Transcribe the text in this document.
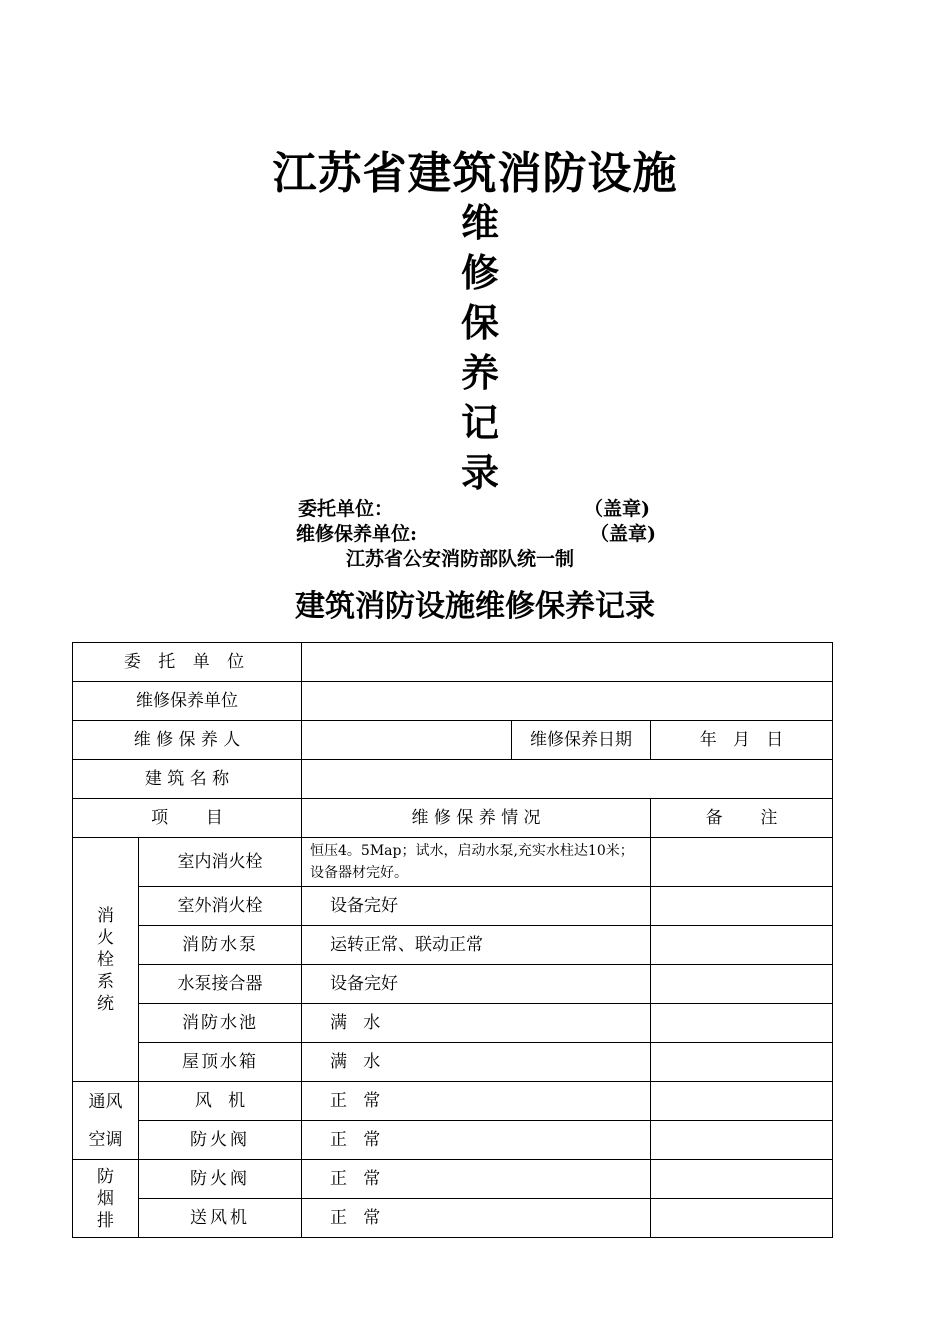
江苏省建筑消防设施
维
修
保
养
记
录
委托单位：	（盖章)
维修保养单位:	（盖章)
江苏省公安消防部队统一制
建筑消防设施维修保养记录
委 托 单 位				
维修保养单位				
维 修 保 养 人			维修保养日期	年   月   日
建 筑 名 称				
项       目		维 修 保 养 情 况		备       注

消
火
栓
系
统	室内消火栓	恒压4。5Map；试水，启动水泵,充实水柱达10米；设备器材完好。		
	室外消火栓	设备完好		
	消防水泵	运转正常、联动正常		
	水泵接合器	设备完好		
	消防水池	满   水		
	屋顶水箱	满   水		

通风
空调	风   机	正   常		
	防火阀	正   常		

防
烟
排	防火阀	正   常		
	送风机	正   常		
